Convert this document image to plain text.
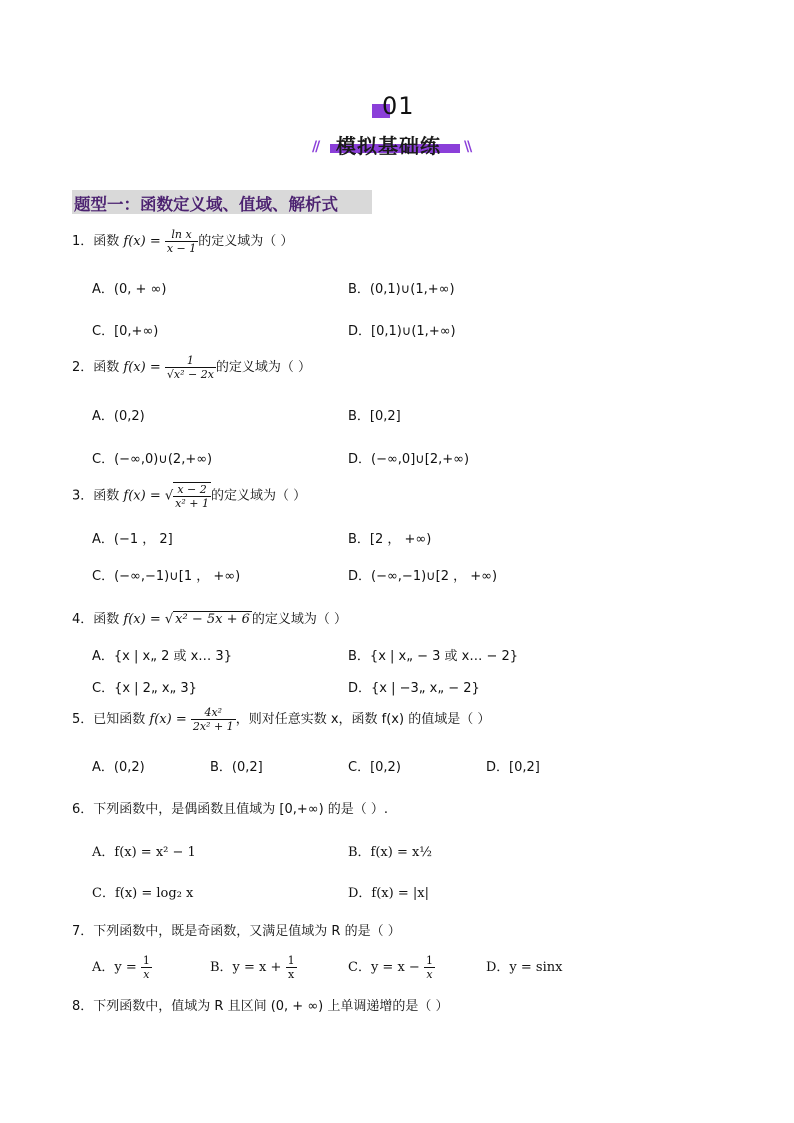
01
// 模拟基础练 \\
题型一：函数定义域、值域、解析式
1．函数 $f(x) = \frac{\text{ln x}}{x - 1}$ 的定义域为（ ）
A．(0, + ∞)	B．(0,1)∪(1,+∞)
C．[0,+∞)	D．[0,1)∪(1,+∞)
2．函数 $f(x) = \frac{1}{\text{√x² − 2x}}$ 的定义域为（ ）
A．(0,2)	B．[0,2]
C．(−∞,0)∪(2,+∞)	D．(−∞,0]∪[2,+∞)
3．函数 f(x) = √ $\frac{x - 2}{\text{x² + 1}}$ 的定义域为（ ）
A．(−1 ， 2]	B．[2 ， +∞)
C．(−∞,−1)∪[1 ， +∞)	D．(−∞,−1)∪[2 ， +∞)
4．函数 f(x) = √ x² − 5x + 6 的定义域为（ ）
A．{x | x„ 2 或 x… 3}	B．{x | x„ − 3 或 x… − 2}
C．{x | 2„ x„ 3}	D．{x | −3„ x„ − 2}
5．已知函数 $f(x) = \frac{\text{4x²}}{\text{2x² + 1}}$ ，则对任意实数 x，函数 f(x) 的值域是（ ）
A．(0,2)	B．(0,2]	C．[0,2)	D．[0,2]
6．下列函数中，是偶函数且值域为 [0,+∞) 的是（ ）.
A．f(x) = x² − 1	B．f(x) = x½
C．f(x) = log₂ x	D．f(x) = |x|
7．下列函数中，既是奇函数，又满足值域为 R 的是（ ）
A．$y = \frac{1}{x}$	B．$y = x + \frac{1}{x}$	C．$y = x - \frac{1}{x}$	D．y = sinx
8．下列函数中，值域为 R 且区间 (0, + ∞) 上单调递增的是（ ）
